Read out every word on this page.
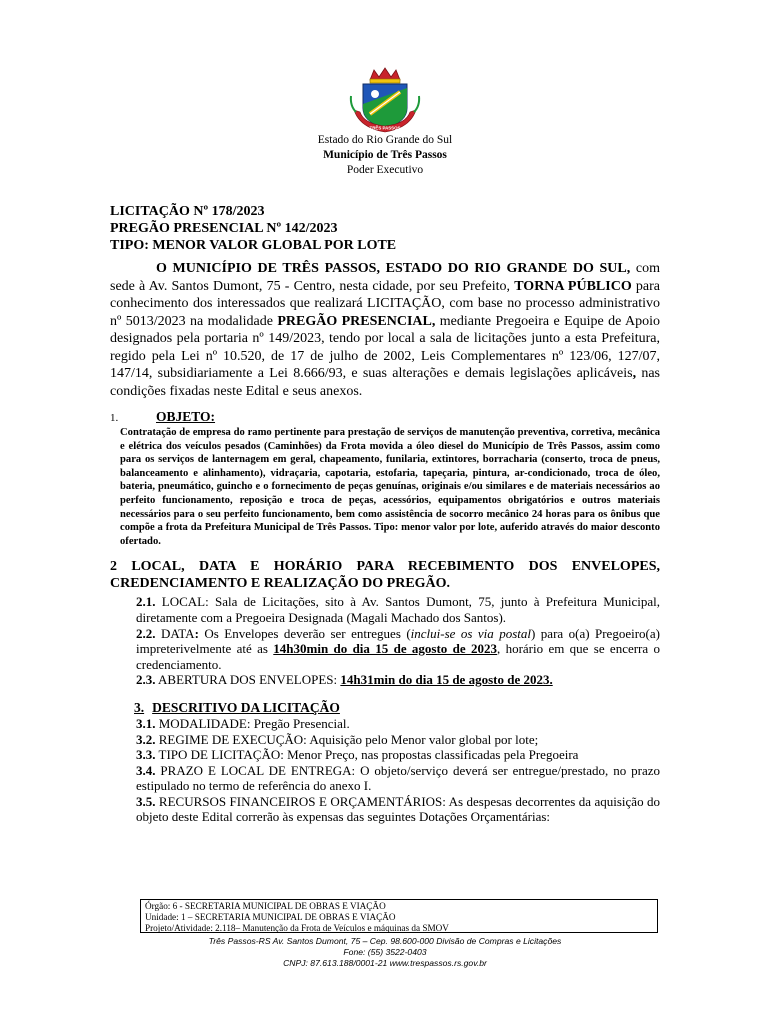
TRÊS PASSOS
Estado do Rio Grande do Sul
Município de Três Passos
Poder Executivo
LICITAÇÃO Nº 178/2023
PREGÃO PRESENCIAL Nº 142/2023
TIPO: MENOR VALOR GLOBAL POR LOTE
O MUNICÍPIO DE TRÊS PASSOS, ESTADO DO RIO GRANDE DO SUL, com sede à Av. Santos Dumont, 75 - Centro, nesta cidade, por seu Prefeito, TORNA PÚBLICO para conhecimento dos interessados que realizará LICITAÇÃO, com base no processo administrativo nº 5013/2023 na modalidade PREGÃO PRESENCIAL, mediante Pregoeira e Equipe de Apoio designados pela portaria nº 149/2023, tendo por local a sala de licitações junto a esta Prefeitura, regido pela Lei nº 10.520, de 17 de julho de 2002, Leis Complementares nº 123/06, 127/07, 147/14, subsidiariamente a Lei 8.666/93, e suas alterações e demais legislações aplicáveis, nas condições fixadas neste Edital e seus anexos.
1.	OBJETO:
Contratação de empresa do ramo pertinente para prestação de serviços de manutenção preventiva, corretiva, mecânica e elétrica dos veículos pesados (Caminhões) da Frota movida a óleo diesel do Município de Três Passos, assim como para os serviços de lanternagem em geral, chapeamento, funilaria, extintores, borracharia (conserto, troca de pneus, balanceamento e alinhamento), vidraçaria, capotaria, estofaria, tapeçaria, pintura, ar-condicionado, troca de óleo, bateria, pneumático, guincho e o fornecimento de peças genuínas, originais e/ou similares e de materiais necessários ao perfeito funcionamento, reposição e troca de peças, acessórios, equipamentos obrigatórios e outros materiais necessários para o seu perfeito funcionamento, bem como assistência de socorro mecânico 24 horas para os ônibus que compõe a frota da Prefeitura Municipal de Três Passos. Tipo: menor valor por lote, auferido através do maior desconto ofertado.
2 LOCAL, DATA E HORÁRIO PARA RECEBIMENTO DOS ENVELOPES, CREDENCIAMENTO E REALIZAÇÃO DO PREGÃO.
2.1. LOCAL: Sala de Licitações, sito à Av. Santos Dumont, 75, junto à Prefeitura Municipal, diretamente com a Pregoeira Designada (Magali Machado dos Santos).
2.2. DATA: Os Envelopes deverão ser entregues (inclui-se os via postal) para o(a) Pregoeiro(a) impreterivelmente até as 14h30min do dia 15 de agosto de 2023, horário em que se encerra o credenciamento.
2.3. ABERTURA DOS ENVELOPES: 14h31min do dia 15 de agosto de 2023.
3. DESCRITIVO DA LICITAÇÃO
3.1. MODALIDADE: Pregão Presencial.
3.2. REGIME DE EXECUÇÃO: Aquisição pelo Menor valor global por lote;
3.3. TIPO DE LICITAÇÃO: Menor Preço, nas propostas classificadas pela Pregoeira
3.4. PRAZO E LOCAL DE ENTREGA: O objeto/serviço deverá ser entregue/prestado, no prazo estipulado no termo de referência do anexo I.
3.5. RECURSOS FINANCEIROS E ORÇAMENTÁRIOS: As despesas decorrentes da aquisição do objeto deste Edital correrão às expensas das seguintes Dotações Orçamentárias:
Órgão: 6 - SECRETARIA MUNICIPAL DE OBRAS E VIAÇÃO
Unidade: 1 – SECRETARIA MUNICIPAL DE OBRAS E VIAÇÃO
Projeto/Atividade: 2.118– Manutenção da Frota de Veículos e máquinas da SMOV
Três Passos-RS Av. Santos Dumont, 75 – Cep. 98.600-000 Divisão de Compras e Licitações
Fone: (55) 3522-0403
CNPJ: 87.613.188/0001-21 www.trespassos.rs.gov.br
